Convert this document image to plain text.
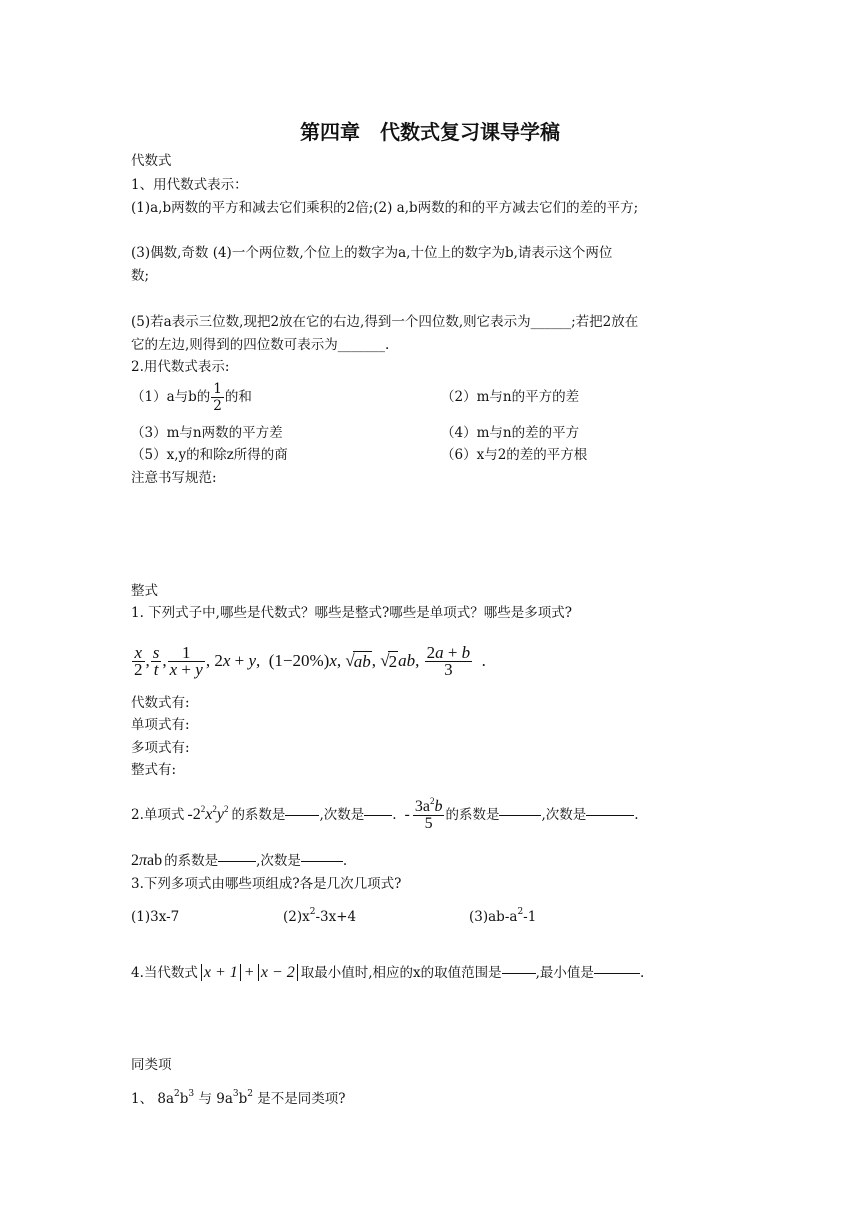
第四章　代数式复习课导学稿
代数式
1、用代数式表示：
(1)a,b两数的平方和减去它们乘积的2倍;(2) a,b两数的和的平方减去它们的差的平方;
(3)偶数,奇数 (4)一个两位数,个位上的数字为a,十位上的数字为b,请表示这个两位
数;
(5)若a表示三位数,现把2放在它的右边,得到一个四位数,则它表示为______;若把2放在
它的左边,则得到的四位数可表示为_______.
2.用代数式表示:
（1）a与b的 $\frac{1}{2}$ 的和	（2）m与n的平方的差
（3）m与n两数的平方差	（4）m与n的差的平方
（5）x,y的和除z所得的商	（6）x与2的差的平方根
注意书写规范:
整式
1. 下列式子中,哪些是代数式？哪些是整式?哪些是单项式？哪些是多项式?
$\frac{x}{2}$ , $\frac{s}{t}$ , $\frac{1}{x + y}$ , 2x + y ,  (1−20%) x , √ ab , √ 2 ab , $\frac{2a + b}{3}$ .
代数式有:
单项式有:
多项式有:
整式有:
2.单项式 $-2^2x^2y^2$ 的系数是	,次数是 . - $\frac{3a^2b}{5}$ 的系数是	,次数是	.
2πab 的系数是	,次数是	.
3.下列多项式由哪些项组成?各是几次几项式?
(1)3x-7	$(2)x^2-3x+4$	$(3)ab-a^2-1$
4.当代数式 x + 1 + x − 2 取最小值时,相应的x的取值范围是	,最小值是	.
同类项
1、 $8a^2b^3$ 与 $9a^3b^2$ 是不是同类项?
